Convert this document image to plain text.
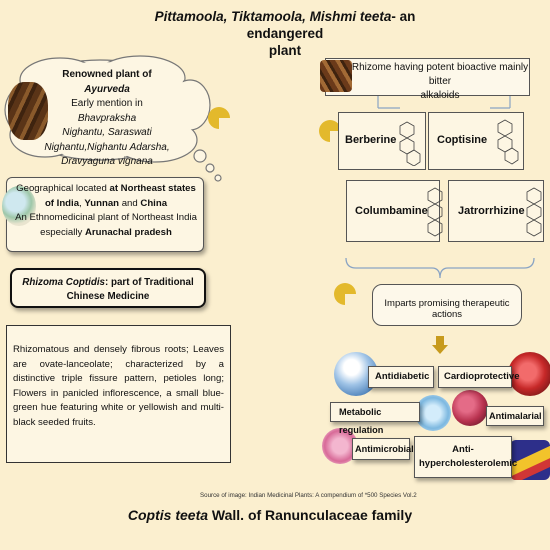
Pittamoola, Tiktamoola, Mishmi teeta- an endangered
plant
Renowned plant of Ayurveda
Early mention in Bhavpraksha
Nighantu, Saraswati
Nighantu,Nighantu Adarsha,
Dravyaguna vignana
Geographical located at Northeast states
of India, Yunnan and China
An Ethnomedicinal plant of Northeast India
especially Arunachal pradesh
Rhizoma Coptidis: part of Traditional
Chinese Medicine
Rhizomatous and densely fibrous roots; Leaves are ovate-lanceolate; characterized by a distinctive triple fissure pattern, petioles long; Flowers in panicled inflorescence, a small blue-green hue featuring white or yellowish and multi-black seeded fruits.
Rhizome having potent bioactive mainly bitter
alkaloids
Berberine	Coptisine
Columbamine	Jatrorrhizine
Imparts promising therapeutic actions
Antidiabetic	Cardioprotective
Metabolic regulation
Antimalarial
Antimicrobial	Anti-hypercholesterolemic
Source of image: Indian Medicinal Plants: A compendium of *500 Species Vol.2
Coptis teeta Wall. of Ranunculaceae family
